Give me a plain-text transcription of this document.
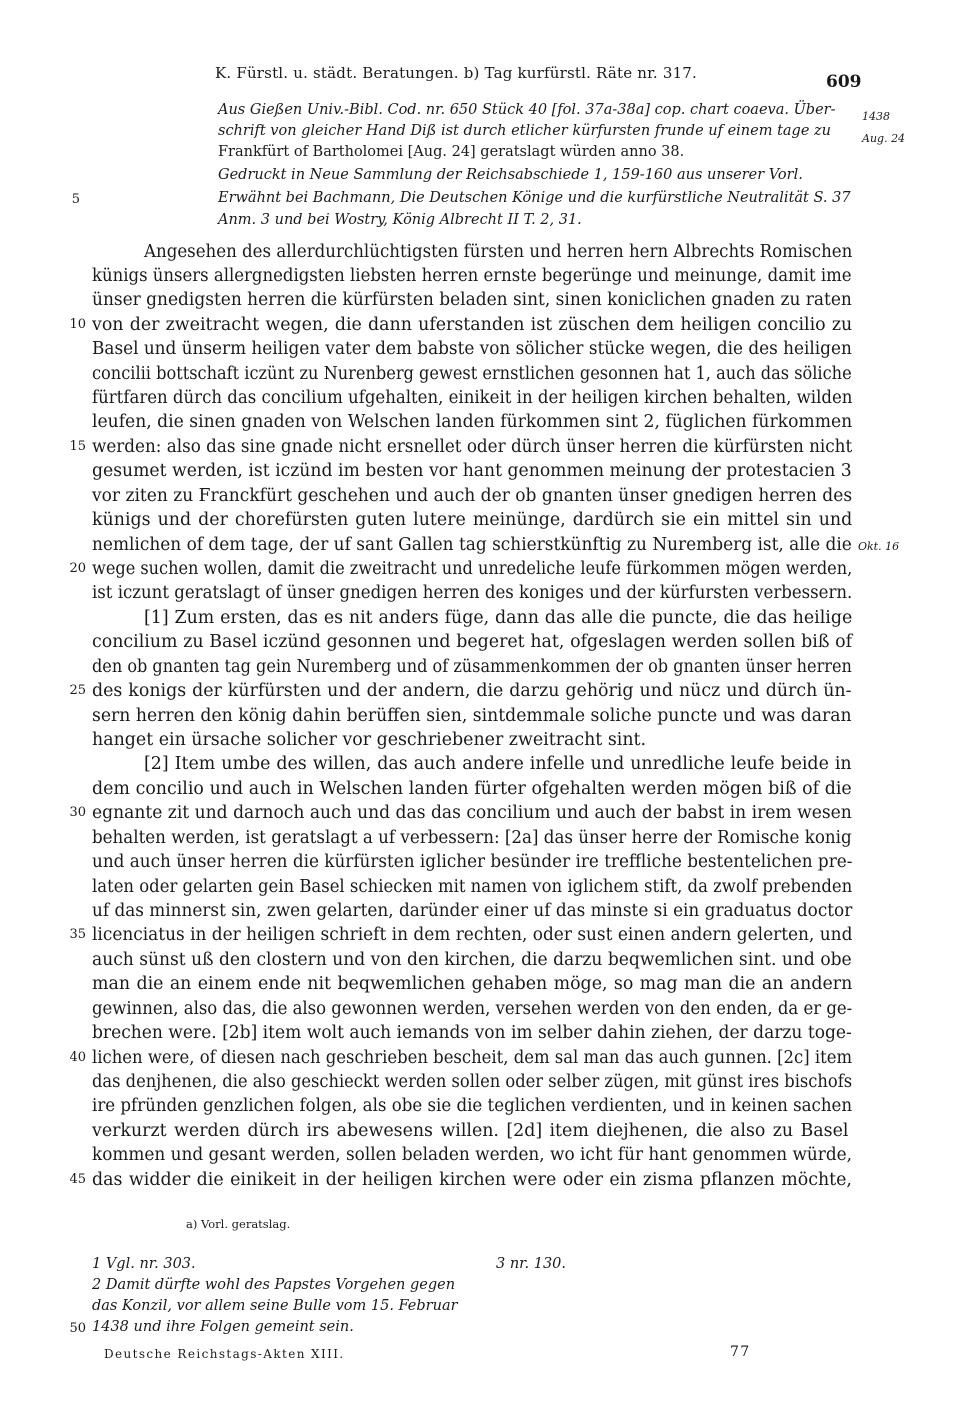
K. Fürstl. u. städt. Beratungen. b) Tag kurfürstl. Räte nr. 317.	609
Aus Gießen Univ.-Bibl. Cod. nr. 650 Stück 40 [fol. 37a-38a] cop. chart coaeva. Über-
schrift von gleicher Hand Diß ist durch etlicher kürfursten frunde uf einem tage zu
Frankfürt of Bartholomei [Aug. 24] geratslagt würden anno 38.
Gedruckt in Neue Sammlung der Reichsabschiede 1, 159-160 aus unserer Vorl.
Erwähnt bei Bachmann, Die Deutschen Könige und die kurfürstliche Neutralität S. 37
Anm. 3 und bei Wostry, König Albrecht II T. 2, 31.
Angesehen des allerdurchlüchtigsten fürsten und herren hern Albrechts Romischen
künigs ünsers allergnedigsten liebsten herren ernste begerünge und meinunge, damit ime
ünser gnedigsten herren die kürfürsten beladen sint, sinen koniclichen gnaden zu raten
von der zweitracht wegen, die dann uferstanden ist züschen dem heiligen concilio zu
Basel und ünserm heiligen vater dem babste von sölicher stücke wegen, die des heiligen
concilii bottschaft iczünt zu Nurenberg gewest ernstlichen gesonnen hat 1, auch das söliche
fürtfaren dürch das concilium ufgehalten, einikeit in der heiligen kirchen behalten, wilden
leufen, die sinen gnaden von Welschen landen fürkommen sint 2, füglichen fürkommen
werden: also das sine gnade nicht ersnellet oder dürch ünser herren die kürfürsten nicht
gesumet werden, ist iczünd im besten vor hant genommen meinung der protestacien 3
vor ziten zu Franckfürt geschehen und auch der ob gnanten ünser gnedigen herren des
künigs und der chorefürsten guten lutere meinünge, dardürch sie ein mittel sin und
nemlichen of dem tage, der uf sant Gallen tag schierstkünftig zu Nuremberg ist, alle die
wege suchen wollen, damit die zweitracht und unredeliche leufe fürkommen mögen werden,
ist iczunt geratslagt of ünser gnedigen herren des koniges und der kürfursten verbessern.
[1] Zum ersten, das es nit anders füge, dann das alle die puncte, die das heilige
concilium zu Basel iczünd gesonnen und begeret hat, ofgeslagen werden sollen biß of
den ob gnanten tag gein Nuremberg und of züsammenkommen der ob gnanten ünser herren
des konigs der kürfürsten und der andern, die darzu gehörig und nücz und dürch ün-
sern herren den könig dahin berüffen sien, sintdemmale soliche puncte und was daran
hanget ein ürsache solicher vor geschriebener zweitracht sint.
[2] Item umbe des willen, das auch andere infelle und unredliche leufe beide in
dem concilio und auch in Welschen landen fürter ofgehalten werden mögen biß of die
egnante zit und darnoch auch und das das concilium und auch der babst in irem wesen
behalten werden, ist geratslagt a uf verbessern: [2a] das ünser herre der Romische konig
und auch ünser herren die kürfürsten iglicher besünder ire treffliche bestentelichen pre-
laten oder gelarten gein Basel schiecken mit namen von iglichem stift, da zwolf prebenden
uf das minnerst sin, zwen gelarten, daründer einer uf das minste si ein graduatus doctor
licenciatus in der heiligen schrieft in dem rechten, oder sust einen andern gelerten, und
auch sünst uß den clostern und von den kirchen, die darzu beqwemlichen sint. und obe
man die an einem ende nit beqwemlichen gehaben möge, so mag man die an andern
gewinnen, also das, die also gewonnen werden, versehen werden von den enden, da er ge-
brechen were. [2b] item wolt auch iemands von im selber dahin ziehen, der darzu toge-
lichen were, of diesen nach geschrieben bescheit, dem sal man das auch gunnen. [2c] item
das denjhenen, die also geschieckt werden sollen oder selber zügen, mit günst ires bischofs
ire pfründen genzlichen folgen, als obe sie die teglichen verdienten, und in keinen sachen
verkurzt werden dürch irs abewesens willen. [2d] item diejhenen, die also zu Basel
kommen und gesant werden, sollen beladen werden, wo icht für hant genommen würde,
das widder die einikeit in der heiligen kirchen were oder ein zisma pflanzen möchte,
5
10
15
20
25
30
35
40
45
1438
Aug. 24
Okt. 16
a) Vorl. geratslag.
1 Vgl. nr. 303.
2 Damit dürfte wohl des Papstes Vorgehen gegen
das Konzil, vor allem seine Bulle vom 15. Februar
1438 und ihre Folgen gemeint sein.
3 nr. 130.
50
Deutsche Reichstags-Akten XIII.	77
